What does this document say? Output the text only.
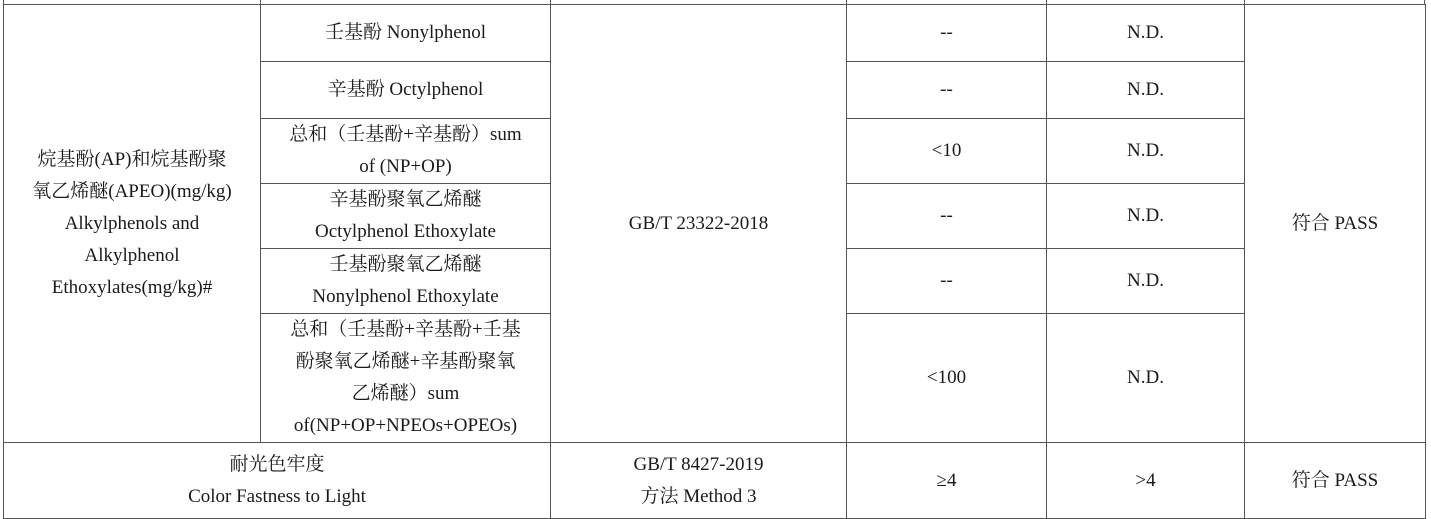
烷基酚(AP)和烷基酚聚
氧乙烯醚(APEO)(mg/kg)
Alkylphenols and
Alkylphenol
Ethoxylates(mg/kg)#	壬基酚 Nonylphenol	GB/T 23322-2018	--	N.D.	符合 PASS

	辛基酚 Octylphenol		--	N.D.	

	总和（壬基酚+辛基酚）sum
of (NP+OP)		<10	N.D.	

	辛基酚聚氧乙烯醚
Octylphenol Ethoxylate		--	N.D.	

	壬基酚聚氧乙烯醚
Nonylphenol Ethoxylate		--	N.D.	

	总和（壬基酚+辛基酚+壬基
酚聚氧乙烯醚+辛基酚聚氧
乙烯醚）sum
of(NP+OP+NPEOs+OPEOs)		<100	N.D.	

耐光色牢度
Color Fastness to Light		GB/T 8427-2019
方法 Method 3	≥4	>4	符合 PASS
